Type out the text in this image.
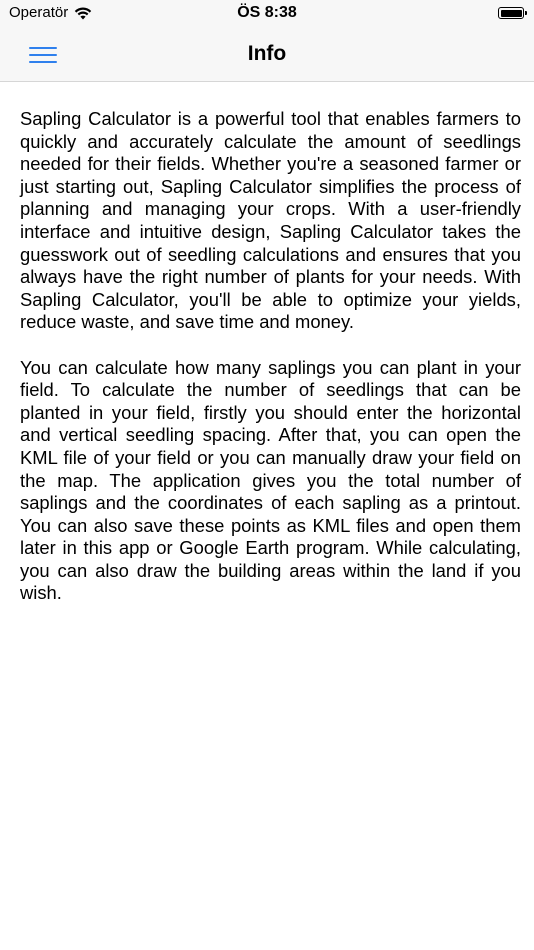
Operatör	ÖS 8:38
Info

Sapling Calculator is a powerful tool that enables farmers to quickly and accurately calculate the amount of seedlings needed for their fields. Whether you're a seasoned farmer or just starting out, Sapling Calculator simplifies the process of planning and managing your crops. With a user-friendly interface and intuitive design, Sapling Calculator takes the guesswork out of seedling calculations and ensures that you always have the right number of plants for your needs. With Sapling Calculator, you'll be able to optimize your yields, reduce waste, and save time and money.

You can calculate how many saplings you can plant in your field. To calculate the number of seedlings that can be planted in your field, firstly you should enter the horizontal and vertical seedling spacing. After that, you can open the KML file of your field or you can manually draw your field on the map. The application gives you the total number of saplings and the coordinates of each sapling as a printout. You can also save these points as KML files and open them later in this app or Google Earth program. While calculating, you can also draw the building areas within the land if you wish.
